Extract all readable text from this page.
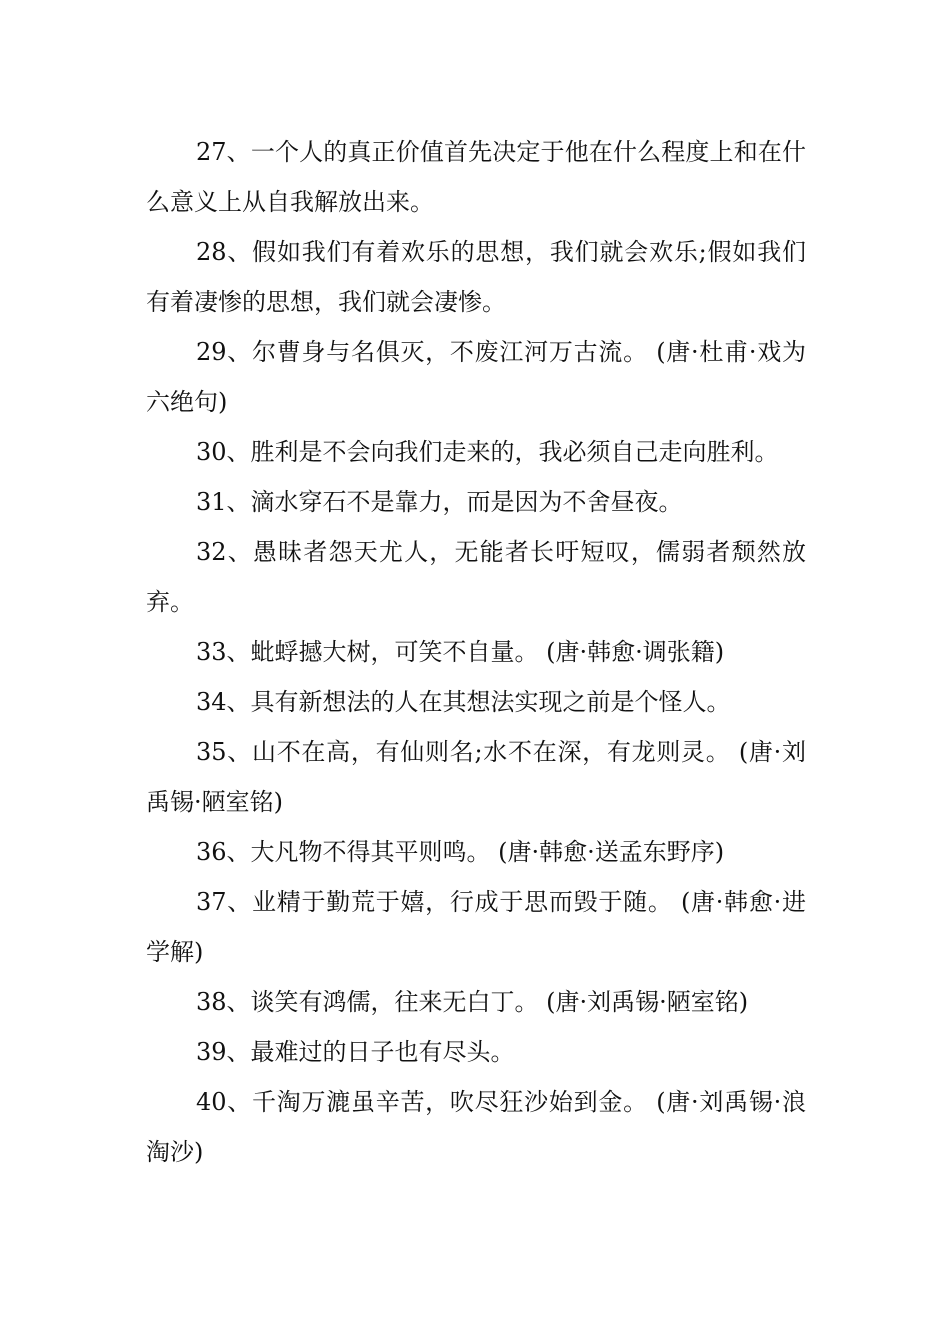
27、一个人的真正价值首先决定于他在什么程度上和在什么意义上从自我解放出来。

28、假如我们有着欢乐的思想，我们就会欢乐;假如我们有着凄惨的思想，我们就会凄惨。

29、尔曹身与名俱灭，不废江河万古流。 (唐·杜甫·戏为六绝句)

30、胜利是不会向我们走来的，我必须自己走向胜利。

31、滴水穿石不是靠力，而是因为不舍昼夜。

32、愚昧者怨天尤人，无能者长吁短叹，儒弱者颓然放弃。

33、蚍蜉撼大树，可笑不自量。 (唐·韩愈·调张籍)

34、具有新想法的人在其想法实现之前是个怪人。

35、山不在高，有仙则名;水不在深，有龙则灵。 (唐·刘禹锡·陋室铭)

36、大凡物不得其平则鸣。 (唐·韩愈·送孟东野序)

37、业精于勤荒于嬉，行成于思而毁于随。 (唐·韩愈·进学解)

38、谈笑有鸿儒，往来无白丁。 (唐·刘禹锡·陋室铭)

39、最难过的日子也有尽头。

40、千淘万漉虽辛苦，吹尽狂沙始到金。 (唐·刘禹锡·浪淘沙)
